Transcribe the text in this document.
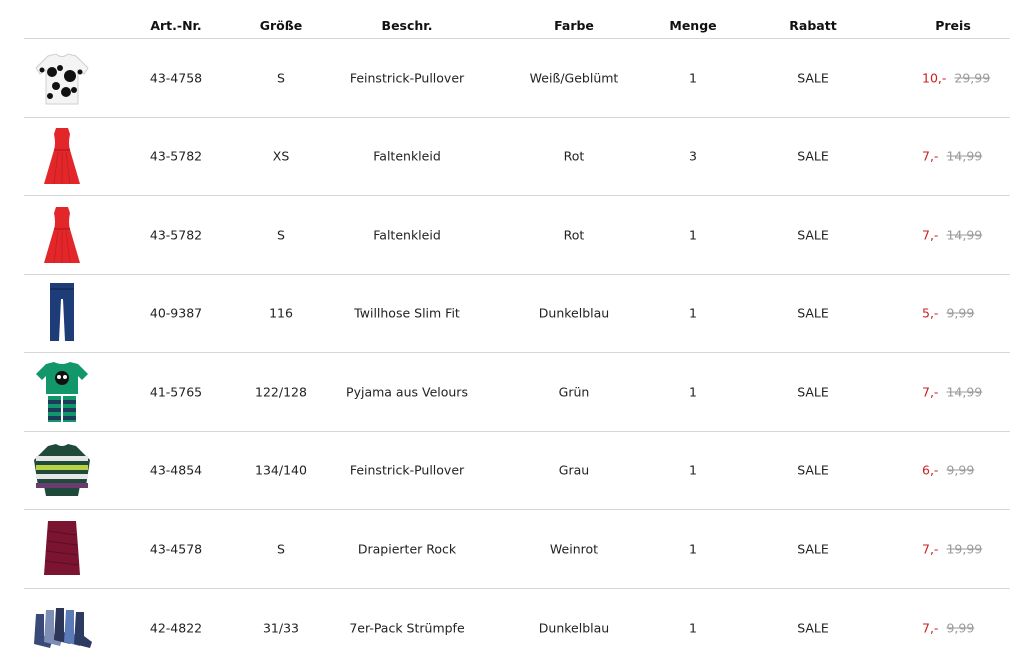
Art.-Nr.	Größe	Beschr.	Farbe	Menge	Rabatt	Preis
43-4758	S	Feinstrick-Pullover	Weiß/Geblümt	1	SALE	10,- 29,99
43-5782	XS	Faltenkleid	Rot	3	SALE	7,- 14,99
43-5782	S	Faltenkleid	Rot	1	SALE	7,- 14,99
40-9387	116	Twillhose Slim Fit	Dunkelblau	1	SALE	5,- 9,99
41-5765	122/128	Pyjama aus Velours	Grün	1	SALE	7,- 14,99
43-4854	134/140	Feinstrick-Pullover	Grau	1	SALE	6,- 9,99
43-4578	S	Drapierter Rock	Weinrot	1	SALE	7,- 19,99
42-4822	31/33	7er-Pack Strümpfe	Dunkelblau	1	SALE	7,- 9,99
